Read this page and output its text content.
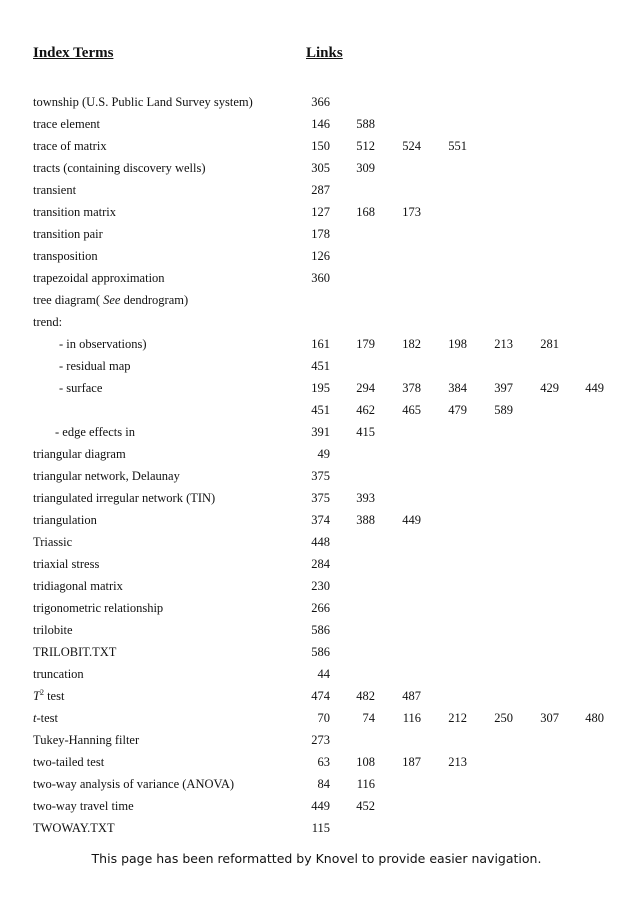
Index Terms	Links
township (U.S. Public Land Survey system)	366
trace element	146	588
trace of matrix	150	512	524	551
tracts (containing discovery wells)	305	309
transient	287
transition matrix	127	168	173
transition pair	178
transposition	126
trapezoidal approximation	360
tree diagram( See dendrogram)
trend:
- in observations)	161	179	182	198	213	281
- residual map	451
- surface	195	294	378	384	397	429	449
451	462	465	479	589
- edge effects in	391	415
triangular diagram	49
triangular network, Delaunay	375
triangulated irregular network (TIN)	375	393
triangulation	374	388	449
Triassic	448
triaxial stress	284
tridiagonal matrix	230
trigonometric relationship	266
trilobite	586
TRILOBIT.TXT	586
truncation	44
$T^2$ test	474	482	487
t-test	70	74	116	212	250	307	480
Tukey-Hanning filter	273
two-tailed test	63	108	187	213
two-way analysis of variance (ANOVA)	84	116
two-way travel time	449	452
TWOWAY.TXT	115
This page has been reformatted by Knovel to provide easier navigation.
